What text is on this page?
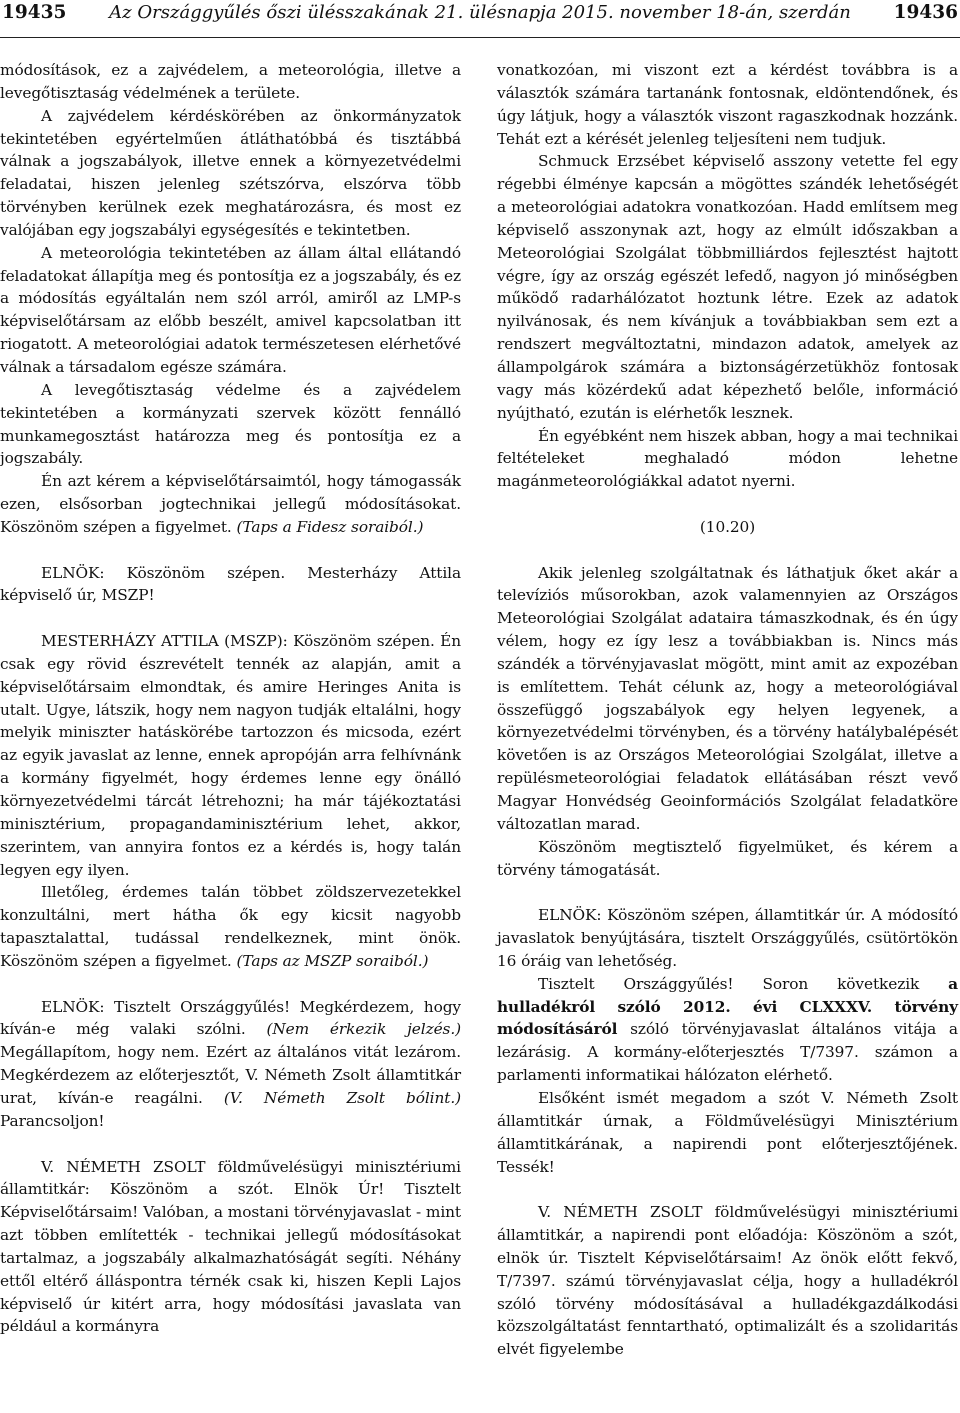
19435	Az Országgyűlés őszi ülésszakának 21. ülésnapja 2015. november 18-án, szerdán	19436

módosítások, ez a zajvédelem, a meteorológia, illetve a levegőtisztaság védelmének a területe.

A zajvédelem kérdéskörében az önkormányzatok tekintetében egyértelműen átláthatóbbá és tisztábbá válnak a jogszabályok, illetve ennek a környezetvédelmi feladatai, hiszen jelenleg szétszórva, elszórva több törvényben kerülnek ezek meghatározásra, és most ez valójában egy jogszabályi egységesítés e tekintetben.

A meteorológia tekintetében az állam által ellátandó feladatokat állapítja meg és pontosítja ez a jogszabály, és ez a módosítás egyáltalán nem szól arról, amiről az LMP-s képviselőtársam az előbb beszélt, amivel kapcsolatban itt riogatott. A meteorológiai adatok természetesen elérhetővé válnak a társadalom egésze számára.

A levegőtisztaság védelme és a zajvédelem tekintetében a kormányzati szervek között fennálló munkamegosztást határozza meg és pontosítja ez a jogszabály.

Én azt kérem a képviselőtársaimtól, hogy támogassák ezen, elsősorban jogtechnikai jellegű módosításokat. Köszönöm szépen a figyelmet. (Taps a Fidesz soraiból.)

ELNÖK: Köszönöm szépen. Mesterházy Attila képviselő úr, MSZP!

MESTERHÁZY ATTILA (MSZP): Köszönöm szépen. Én csak egy rövid észrevételt tennék az alapján, amit a képviselőtársaim elmondtak, és amire Heringes Anita is utalt. Ugye, látszik, hogy nem nagyon tudják eltalálni, hogy melyik miniszter hatáskörébe tartozzon és micsoda, ezért az egyik javaslat az lenne, ennek apropóján arra felhívnánk a kormány figyelmét, hogy érdemes lenne egy önálló környezetvédelmi tárcát létrehozni; ha már tájékoztatási minisztérium, propagandaminisztérium lehet, akkor, szerintem, van annyira fontos ez a kérdés is, hogy talán legyen egy ilyen.

Illetőleg, érdemes talán többet zöldszervezetekkel konzultálni, mert hátha ők egy kicsit nagyobb tapasztalattal, tudással rendelkeznek, mint önök. Köszönöm szépen a figyelmet. (Taps az MSZP soraiból.)

ELNÖK: Tisztelt Országgyűlés! Megkérdezem, hogy kíván-e még valaki szólni. (Nem érkezik jelzés.) Megállapítom, hogy nem. Ezért az általános vitát lezárom. Megkérdezem az előterjesztőt, V. Németh Zsolt államtitkár urat, kíván-e reagálni. (V. Németh Zsolt bólint.) Parancsoljon!

V. NÉMETH ZSOLT földművelésügyi minisztériumi államtitkár: Köszönöm a szót. Elnök Úr! Tisztelt Képviselőtársaim! Valóban, a mostani törvényjavaslat - mint azt többen említették - technikai jellegű módosításokat tartalmaz, a jogszabály alkalmazhatóságát segíti. Néhány ettől eltérő álláspontra térnék csak ki, hiszen Kepli Lajos képviselő úr kitért arra, hogy módosítási javaslata van például a kormányra

vonatkozóan, mi viszont ezt a kérdést továbbra is a választók számára tartanánk fontosnak, eldöntendőnek, és úgy látjuk, hogy a választók viszont ragaszkodnak hozzánk. Tehát ezt a kérését jelenleg teljesíteni nem tudjuk.

Schmuck Erzsébet képviselő asszony vetette fel egy régebbi élménye kapcsán a mögöttes szándék lehetőségét a meteorológiai adatokra vonatkozóan. Hadd említsem meg képviselő asszonynak azt, hogy az elmúlt időszakban a Meteorológiai Szolgálat többmilliárdos fejlesztést hajtott végre, így az ország egészét lefedő, nagyon jó minőségben működő radarhálózatot hoztunk létre. Ezek az adatok nyilvánosak, és nem kívánjuk a továbbiakban sem ezt a rendszert megváltoztatni, mindazon adatok, amelyek az állampolgárok számára a biztonságérzetükhöz fontosak vagy más közérdekű adat képezhető belőle, információ nyújtható, ezután is elérhetők lesznek.

Én egyébként nem hiszek abban, hogy a mai technikai feltételeket meghaladó módon lehetne magánmeteorológiákkal adatot nyerni.

(10.20)

Akik jelenleg szolgáltatnak és láthatjuk őket akár a televíziós műsorokban, azok valamennyien az Országos Meteorológiai Szolgálat adataira támaszkodnak, és én úgy vélem, hogy ez így lesz a továbbiakban is. Nincs más szándék a törvényjavaslat mögött, mint amit az expozéban is említettem. Tehát célunk az, hogy a meteorológiával összefüggő jogszabályok egy helyen legyenek, a környezetvédelmi törvényben, és a törvény hatálybalépését követően is az Országos Meteorológiai Szolgálat, illetve a repülésmeteorológiai feladatok ellátásában részt vevő Magyar Honvédség Geoinformációs Szolgálat feladatköre változatlan marad.

Köszönöm megtisztelő figyelmüket, és kérem a törvény támogatását.

ELNÖK: Köszönöm szépen, államtitkár úr. A módosító javaslatok benyújtására, tisztelt Országgyűlés, csütörtökön 16 óráig van lehetőség.

Tisztelt Országgyűlés! Soron következik a hulladékról szóló 2012. évi CLXXXV. törvény módosításáról szóló törvényjavaslat általános vitája a lezárásig. A kormány-előterjesztés T/7397. számon a parlamenti informatikai hálózaton elérhető.

Elsőként ismét megadom a szót V. Németh Zsolt államtitkár úrnak, a Földművelésügyi Minisztérium államtitkárának, a napirendi pont előterjesztőjének. Tessék!

V. NÉMETH ZSOLT földművelésügyi minisztériumi államtitkár, a napirendi pont előadója: Köszönöm a szót, elnök úr. Tisztelt Képviselőtársaim! Az önök előtt fekvő, T/7397. számú törvényjavaslat célja, hogy a hulladékról szóló törvény módosításával a hulladékgazdálkodási közszolgáltatást fenntartható, optimalizált és a szolidaritás elvét figyelembe
